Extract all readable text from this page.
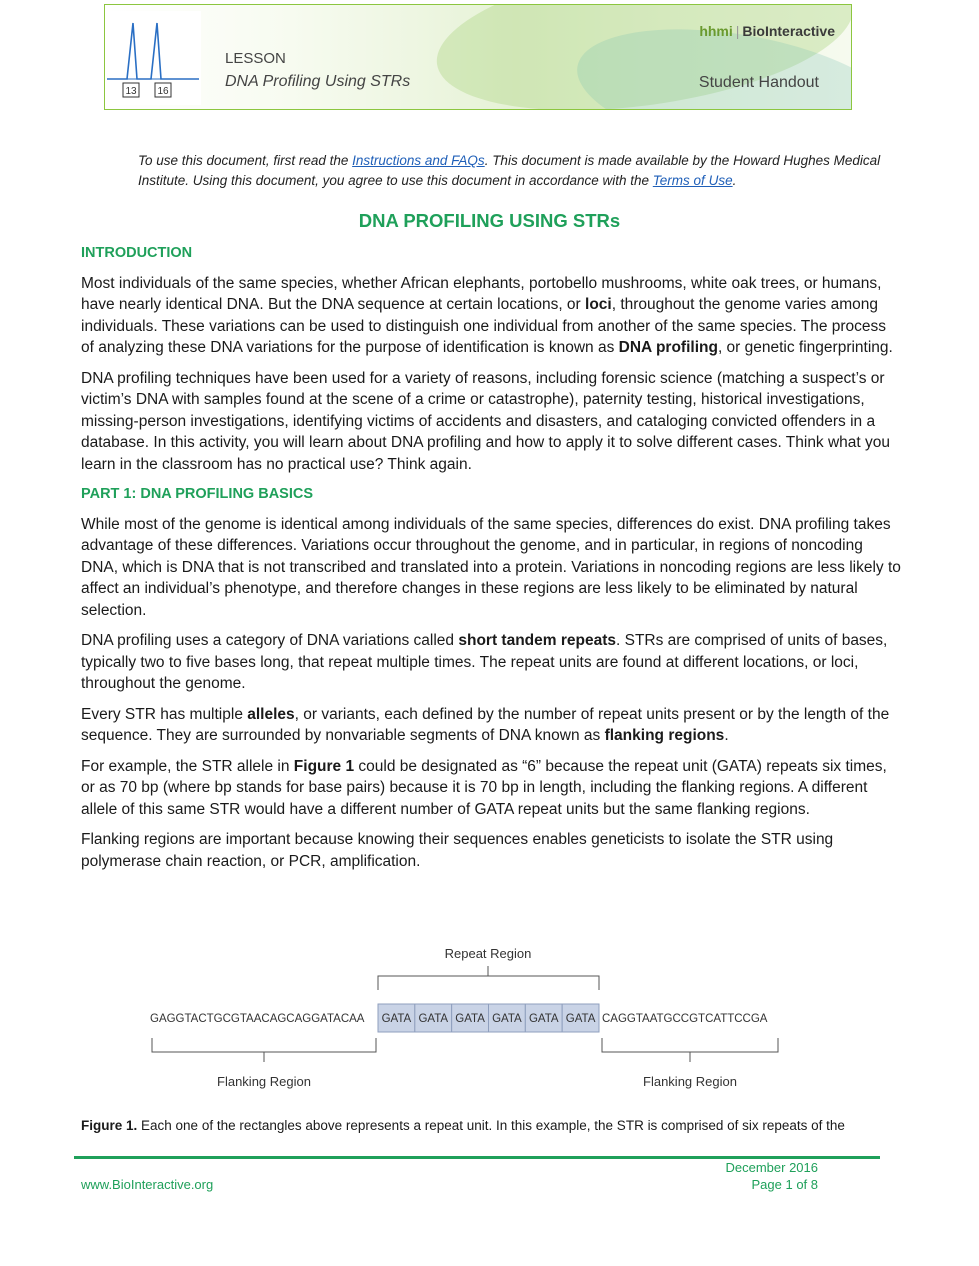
13 16
LESSON
DNA Profiling Using STRs
hhmi | BioInteractive
Student Handout
To use this document, first read the Instructions and FAQs. This document is made available by the Howard Hughes Medical Institute. Using this document, you agree to use this document in accordance with the Terms of Use.
DNA PROFILING USING STRs
INTRODUCTION

Most individuals of the same species, whether African elephants, portobello mushrooms, white oak trees, or humans, have nearly identical DNA. But the DNA sequence at certain locations, or loci, throughout the genome varies among individuals. These variations can be used to distinguish one individual from another of the same species. The process of analyzing these DNA variations for the purpose of identification is known as DNA profiling, or genetic fingerprinting.

DNA profiling techniques have been used for a variety of reasons, including forensic science (matching a suspect’s or victim’s DNA with samples found at the scene of a crime or catastrophe), paternity testing, historical investigations, missing-person investigations, identifying victims of accidents and disasters, and cataloging convicted offenders in a database. In this activity, you will learn about DNA profiling and how to apply it to solve different cases. Think what you learn in the classroom has no practical use? Think again.

PART 1: DNA PROFILING BASICS

While most of the genome is identical among individuals of the same species, differences do exist. DNA profiling takes advantage of these differences. Variations occur throughout the genome, and in particular, in regions of noncoding DNA, which is DNA that is not transcribed and translated into a protein. Variations in noncoding regions are less likely to affect an individual’s phenotype, and therefore changes in these regions are less likely to be eliminated by natural selection.

DNA profiling uses a category of DNA variations called short tandem repeats. STRs are comprised of units of bases, typically two to five bases long, that repeat multiple times. The repeat units are found at different locations, or loci, throughout the genome.

Every STR has multiple alleles, or variants, each defined by the number of repeat units present or by the length of the sequence. They are surrounded by nonvariable segments of DNA known as flanking regions.

For example, the STR allele in Figure 1 could be designated as “6” because the repeat unit (GATA) repeats six times, or as 70 bp (where bp stands for base pairs) because it is 70 bp in length, including the flanking regions. A different allele of this same STR would have a different number of GATA repeat units but the same flanking regions.

Flanking regions are important because knowing their sequences enables geneticists to isolate the STR using polymerase chain reaction, or PCR, amplification.

Repeat Region
GAGGTACTGCGTAACAGCAGGATACAA GATA GATA GATA GATA GATA GATA CAGGTAATGCCGTCATTCCGA
Flanking Region	Flanking Region
Figure 1. Each one of the rectangles above represents a repeat unit. In this example, the STR is comprised of six repeats of the
December 2016
Page 1 of 8
www.BioInteractive.org
